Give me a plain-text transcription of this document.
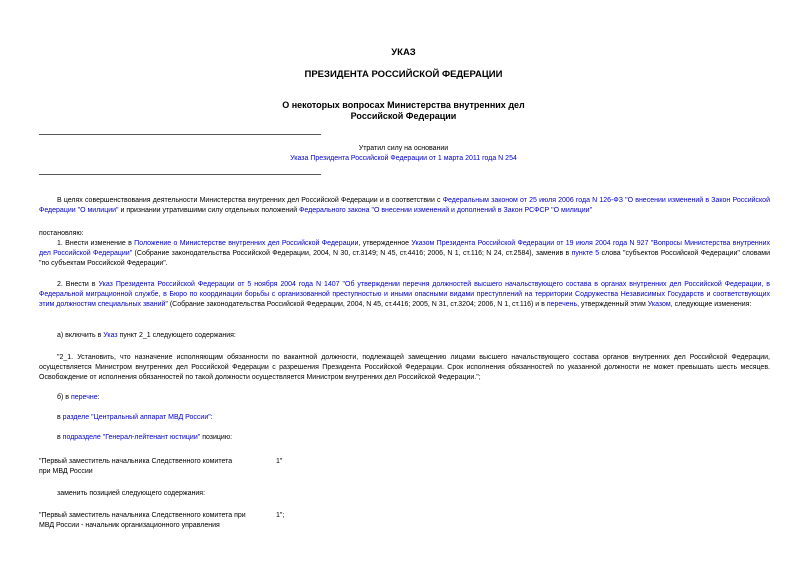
УКАЗ
ПРЕЗИДЕНТА РОССИЙСКОЙ ФЕДЕРАЦИИ
О некоторых вопросах Министерства внутренних дел
Российской Федерации
Утратил силу на основании
Указа Президента Российской Федерации от 1 марта 2011 года N 254
В целях совершенствования деятельности Министерства внутренних дел Российской Федерации и в соответствии с Федеральным законом от 25 июля 2006 года N 126-ФЗ "О внесении изменений в Закон Российской Федерации "О милиции" и признании утратившими силу отдельных положений Федерального закона "О внесении изменений и дополнений в Закон РСФСР "О милиции"
постановляю:
1. Внести изменение в Положение о Министерстве внутренних дел Российской Федерации, утвержденное Указом Президента Российской Федерации от 19 июля 2004 года N 927 "Вопросы Министерства внутренних дел Российской Федерации" (Собрание законодательства Российской Федерации, 2004, N 30, ст.3149; N 45, ст.4416; 2006, N 1, ст.116; N 24, ст.2584), заменив в пункте 5 слова "субъектов Российской Федерации" словами "по субъектам Российской Федерации".
2. Внести в Указ Президента Российской Федерации от 5 ноября 2004 года N 1407 "Об утверждении перечня должностей высшего начальствующего состава в органах внутренних дел Российской Федерации, в Федеральной миграционной службе, в Бюро по координации борьбы с организованной преступностью и иными опасными видами преступлений на территории Содружества Независимых Государств и соответствующих этим должностям специальных званий" (Собрание законодательства Российской Федерации, 2004, N 45, ст.4416; 2005, N 31, ст.3204; 2006, N 1, ст.116) и в перечень, утвержденный этим Указом, следующие изменения:
а) включить в Указ пункт 2_1 следующего содержания:
"2_1. Установить, что назначение исполняющим обязанности по вакантной должности, подлежащей замещению лицами высшего начальствующего состава органов внутренних дел Российской Федерации, осуществляется Министром внутренних дел Российской Федерации с разрешения Президента Российской Федерации. Срок исполнения обязанностей по указанной должности не может превышать шесть месяцев. Освобождение от исполнения обязанностей по такой должности осуществляется Министром внутренних дел Российской Федерации.";
б) в перечне:
в разделе "Центральный аппарат МВД России":
в подразделе "Генерал-лейтенант юстиции" позицию:
"Первый заместитель начальника Следственного комитета
при МВД России
1"
заменить позицией следующего содержания:
"Первый заместитель начальника Следственного комитета при
МВД России - начальник организационного управления
1";
